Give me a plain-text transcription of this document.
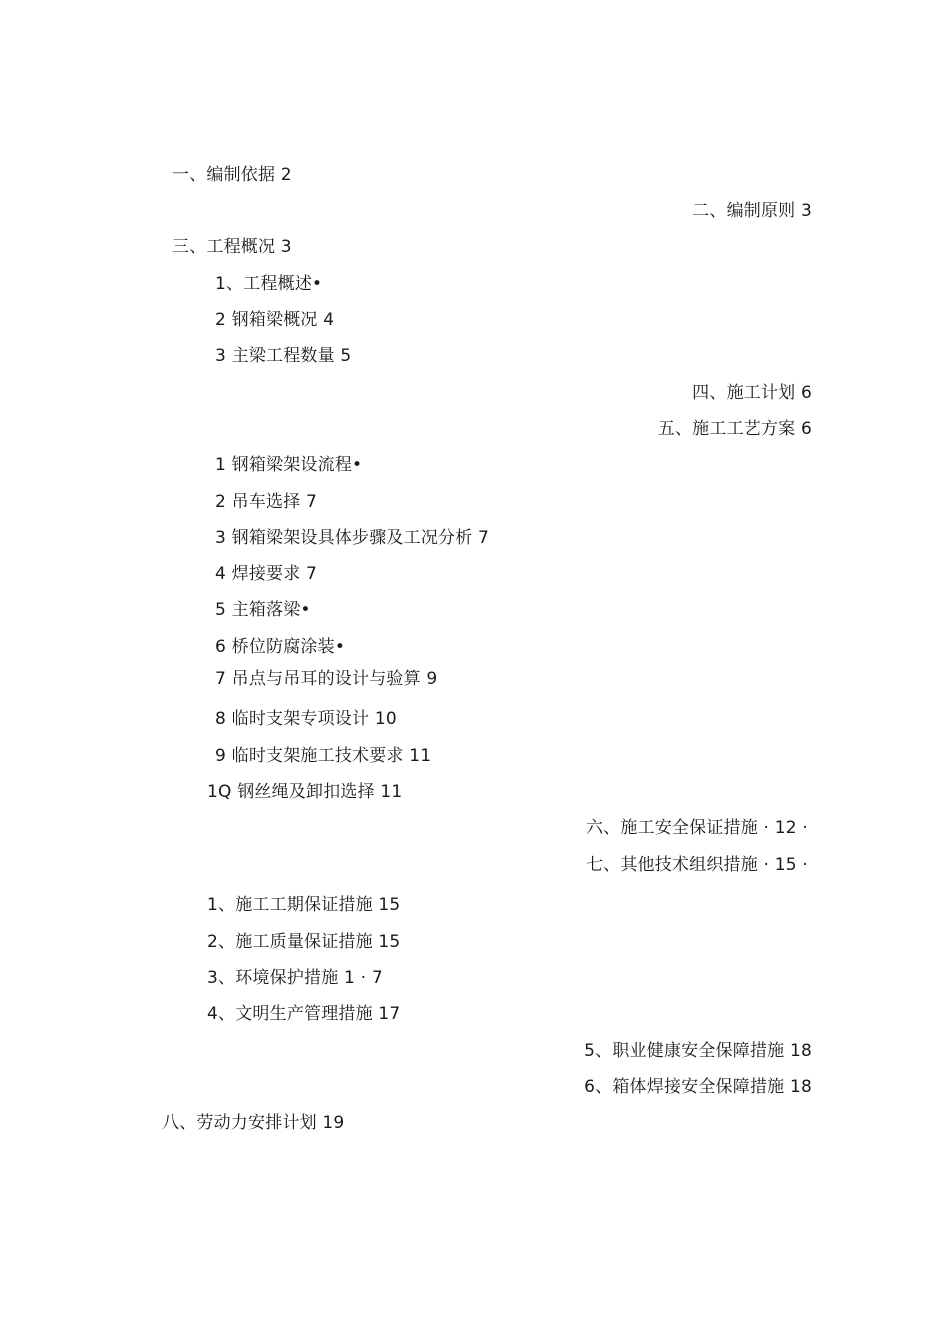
一、编制依据 2
二、编制原则 3
三、工程概况 3
1、工程概述•
2 钢箱梁概况 4
3 主梁工程数量 5
四、施工计划 6
五、施工工艺方案 6
1 钢箱梁架设流程•
2 吊车选择 7
3 钢箱梁架设具体步骤及工况分析 7
4 焊接要求 7
5 主箱落梁•
6 桥位防腐涂装•
7 吊点与吊耳的设计与验算 9
8 临时支架专项设计 10
9 临时支架施工技术要求 11
1Q 钢丝绳及卸扣选择 11
六、施工安全保证措施 · 12 ·
七、其他技术组织措施 · 15 ·
1、施工工期保证措施 15
2、施工质量保证措施 15
3、环境保护措施 1 · 7
4、文明生产管理措施 17
5、职业健康安全保障措施 18
6、箱体焊接安全保障措施 18
八、劳动力安排计划 19
